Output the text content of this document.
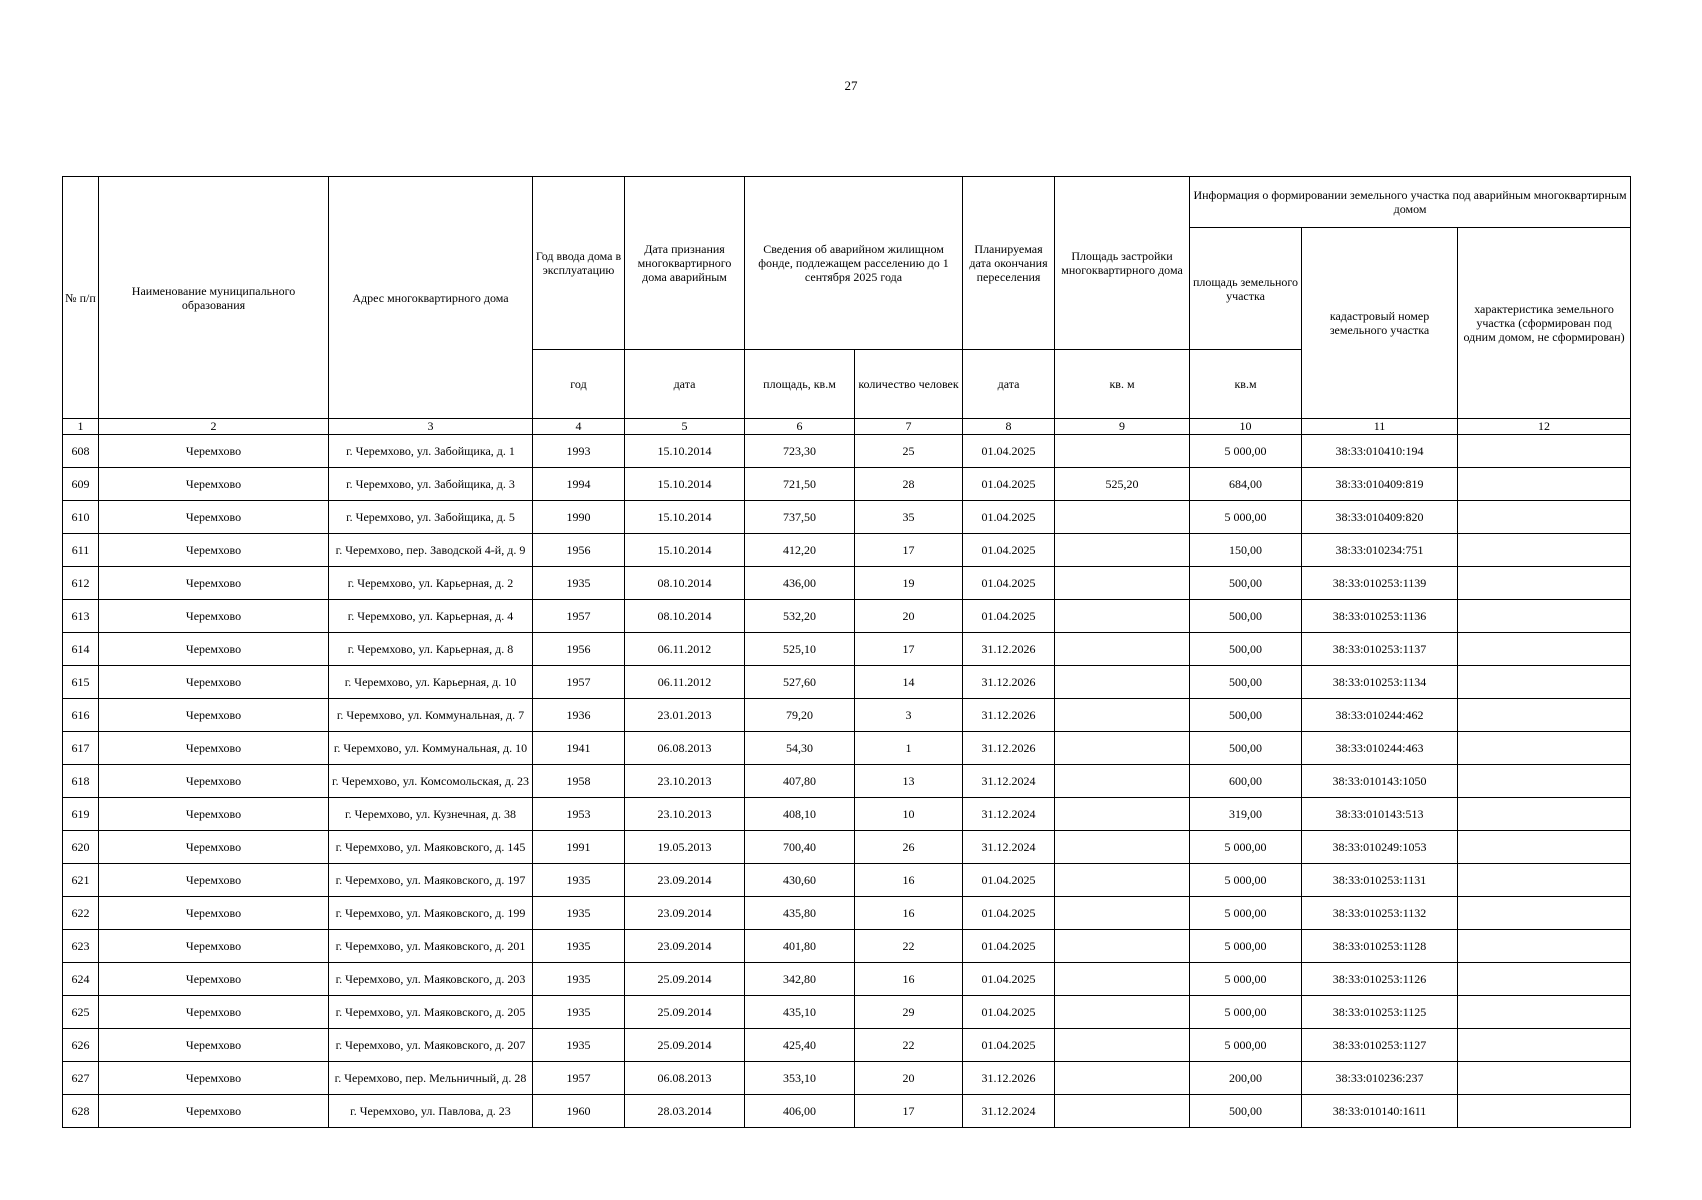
27
№ п/п	Наименование муниципального образования	Адрес многоквартирного дома	Год ввода дома в эксплуатацию	Дата признания многоквартирного дома аварийным	Сведения об аварийном жилищном фонде, подлежащем расселению до 1 сентября 2025 года		Планируемая дата окончания переселения	Площадь застройки многоквартирного дома	Информация о формировании земельного участка под аварийным многоквартирным домом		
									площадь земельного участка	кадастровый номер земельного участка	характеристика земельного участка (сформирован под одним домом, не сформирован)
			год	дата	площадь, кв.м	количество человек	дата	кв. м	кв.м		
1	2	3	4	5	6	7	8	9	10	11	12
608	Черемхово	г. Черемхово, ул. Забойщика, д. 1	1993	15.10.2014	723,30	25	01.04.2025		5 000,00	38:33:010410:194	
609	Черемхово	г. Черемхово, ул. Забойщика, д. 3	1994	15.10.2014	721,50	28	01.04.2025	525,20	684,00	38:33:010409:819	
610	Черемхово	г. Черемхово, ул. Забойщика, д. 5	1990	15.10.2014	737,50	35	01.04.2025		5 000,00	38:33:010409:820	
611	Черемхово	г. Черемхово, пер. Заводской 4-й, д. 9	1956	15.10.2014	412,20	17	01.04.2025		150,00	38:33:010234:751	
612	Черемхово	г. Черемхово, ул. Карьерная, д. 2	1935	08.10.2014	436,00	19	01.04.2025		500,00	38:33:010253:1139	
613	Черемхово	г. Черемхово, ул. Карьерная, д. 4	1957	08.10.2014	532,20	20	01.04.2025		500,00	38:33:010253:1136	
614	Черемхово	г. Черемхово, ул. Карьерная, д. 8	1956	06.11.2012	525,10	17	31.12.2026		500,00	38:33:010253:1137	
615	Черемхово	г. Черемхово, ул. Карьерная, д. 10	1957	06.11.2012	527,60	14	31.12.2026		500,00	38:33:010253:1134	
616	Черемхово	г. Черемхово, ул. Коммунальная, д. 7	1936	23.01.2013	79,20	3	31.12.2026		500,00	38:33:010244:462	
617	Черемхово	г. Черемхово, ул. Коммунальная, д. 10	1941	06.08.2013	54,30	1	31.12.2026		500,00	38:33:010244:463	
618	Черемхово	г. Черемхово, ул. Комсомольская, д. 23	1958	23.10.2013	407,80	13	31.12.2024		600,00	38:33:010143:1050	
619	Черемхово	г. Черемхово, ул. Кузнечная, д. 38	1953	23.10.2013	408,10	10	31.12.2024		319,00	38:33:010143:513	
620	Черемхово	г. Черемхово, ул. Маяковского, д. 145	1991	19.05.2013	700,40	26	31.12.2024		5 000,00	38:33:010249:1053	
621	Черемхово	г. Черемхово, ул. Маяковского, д. 197	1935	23.09.2014	430,60	16	01.04.2025		5 000,00	38:33:010253:1131	
622	Черемхово	г. Черемхово, ул. Маяковского, д. 199	1935	23.09.2014	435,80	16	01.04.2025		5 000,00	38:33:010253:1132	
623	Черемхово	г. Черемхово, ул. Маяковского, д. 201	1935	23.09.2014	401,80	22	01.04.2025		5 000,00	38:33:010253:1128	
624	Черемхово	г. Черемхово, ул. Маяковского, д. 203	1935	25.09.2014	342,80	16	01.04.2025		5 000,00	38:33:010253:1126	
625	Черемхово	г. Черемхово, ул. Маяковского, д. 205	1935	25.09.2014	435,10	29	01.04.2025		5 000,00	38:33:010253:1125	
626	Черемхово	г. Черемхово, ул. Маяковского, д. 207	1935	25.09.2014	425,40	22	01.04.2025		5 000,00	38:33:010253:1127	
627	Черемхово	г. Черемхово, пер. Мельничный, д. 28	1957	06.08.2013	353,10	20	31.12.2026		200,00	38:33:010236:237	
628	Черемхово	г. Черемхово, ул. Павлова, д. 23	1960	28.03.2014	406,00	17	31.12.2024		500,00	38:33:010140:1611	
